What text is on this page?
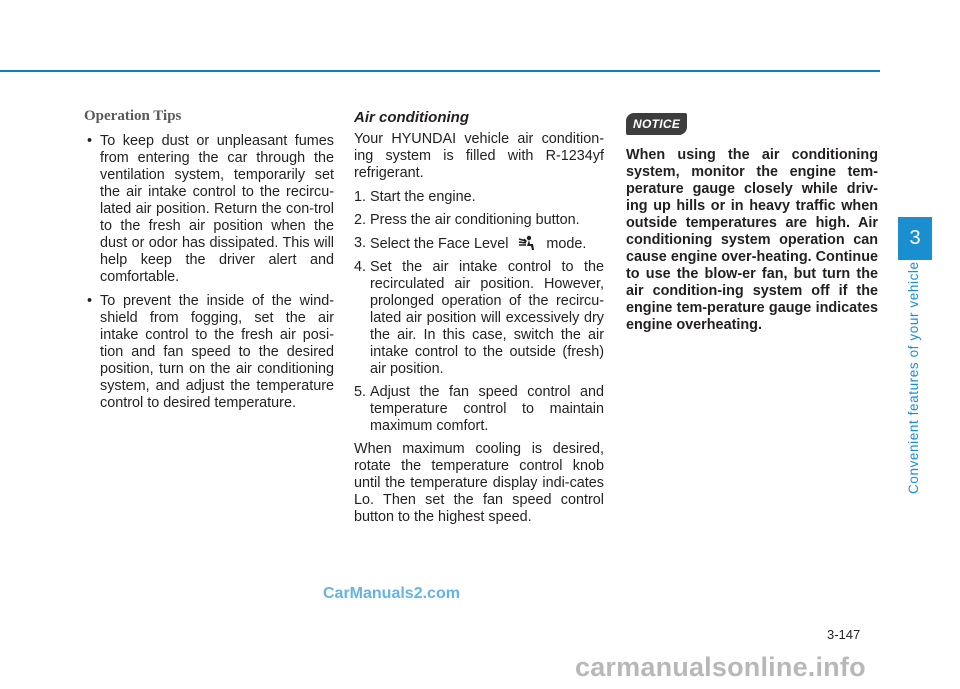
Operation Tips
• To keep dust or unpleasant fumes from entering the car through the ventilation system, temporarily set the air intake control to the recircu-lated air position. Return the con-trol to the fresh air position when the dust or odor has dissipated. This will help keep the driver alert and comfortable.
• To prevent the inside of the wind-shield from fogging, set the air intake control to the fresh air posi-tion and fan speed to the desired position, turn on the air conditioning system, and adjust the temperature control to desired temperature.
Air conditioning

Your HYUNDAI vehicle air condition-ing system is filled with R-1234yf refrigerant.

1. Start the engine.
2. Press the air conditioning button.
3. Select the Face Level	mode.
4. Set the air intake control to the recirculated air position. However, prolonged operation of the recircu-lated air position will excessively dry the air. In this case, switch the air intake control to the outside (fresh) air position.
5. Adjust the fan speed control and temperature control to maintain maximum comfort.

When maximum cooling is desired, rotate the temperature control knob until the temperature display indi-cates Lo. Then set the fan speed control button to the highest speed.

NOTICE

When using the air conditioning system, monitor the engine tem-perature gauge closely while driv-ing up hills or in heavy traffic when outside temperatures are high. Air conditioning system operation can cause engine over-heating. Continue to use the blow-er fan, but turn the air condition-ing system off if the engine tem-perature gauge indicates engine overheating.

3
Convenient features of your vehicle
3-147
CarManuals2.com
carmanualsonline.info
